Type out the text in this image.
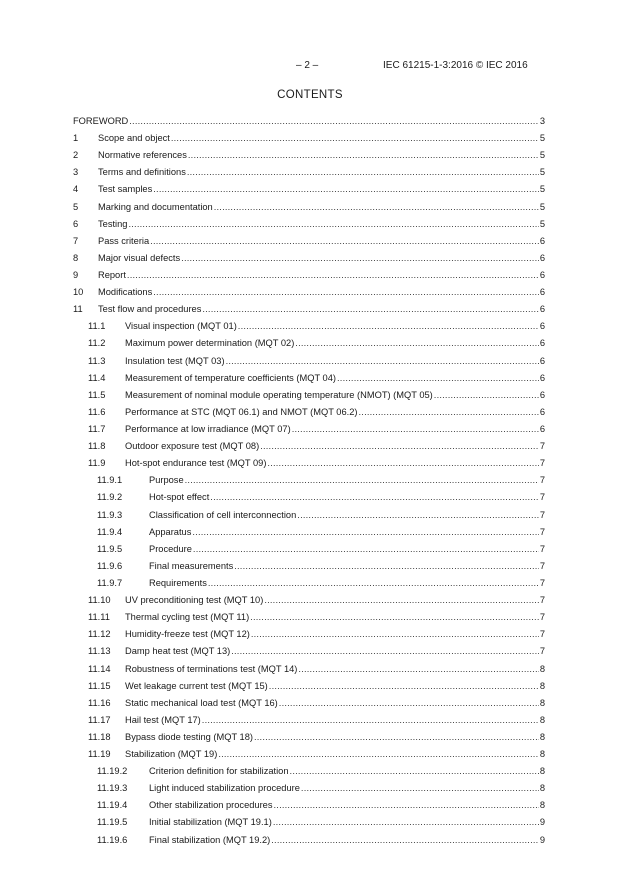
– 2 –	IEC 61215-1-3:2016 © IEC 2016
CONTENTS
FOREWORD .....	3
1 Scope and object .....	5
2 Normative references .....	5
3 Terms and definitions .....	5
4 Test samples .....	5
5 Marking and documentation .....	5
6 Testing .....	5
7 Pass criteria .....	6
8 Major visual defects .....	6
9 Report .....	6
10 Modifications .....	6
11 Test flow and procedures .....	6
11.1 Visual inspection (MQT 01) .....	6
11.2 Maximum power determination (MQT 02) .....	6
11.3 Insulation test (MQT 03) .....	6
11.4 Measurement of temperature coefficients (MQT 04) .....	6
11.5 Measurement of nominal module operating temperature (NMOT) (MQT 05) .....	6
11.6 Performance at STC (MQT 06.1) and NMOT (MQT 06.2) .....	6
11.7 Performance at low irradiance (MQT 07) .....	6
11.8 Outdoor exposure test (MQT 08) .....	7
11.9 Hot-spot endurance test (MQT 09) .....	7
11.9.1	Purpose .....	7
11.9.2	Hot-spot effect .....	7
11.9.3	Classification of cell interconnection .....	7
11.9.4	Apparatus .....	7
11.9.5	Procedure .....	7
11.9.6	Final measurements .....	7
11.9.7	Requirements .....	7
11.10 UV preconditioning test (MQT 10) .....	7
11.11 Thermal cycling test (MQT 11) .....	7
11.12 Humidity-freeze test (MQT 12) .....	7
11.13 Damp heat test (MQT 13) .....	7
11.14 Robustness of terminations test (MQT 14) .....	8
11.15 Wet leakage current test (MQT 15) .....	8
11.16 Static mechanical load test (MQT 16) .....	8
11.17 Hail test (MQT 17) .....	8
11.18 Bypass diode testing (MQT 18) .....	8
11.19 Stabilization (MQT 19) .....	8
11.19.2 Criterion definition for stabilization .....	8
11.19.3 Light induced stabilization procedure .....	8
11.19.4 Other stabilization procedures .....	8
11.19.5 Initial stabilization (MQT 19.1) .....	9
11.19.6 Final stabilization (MQT 19.2) .....	9
